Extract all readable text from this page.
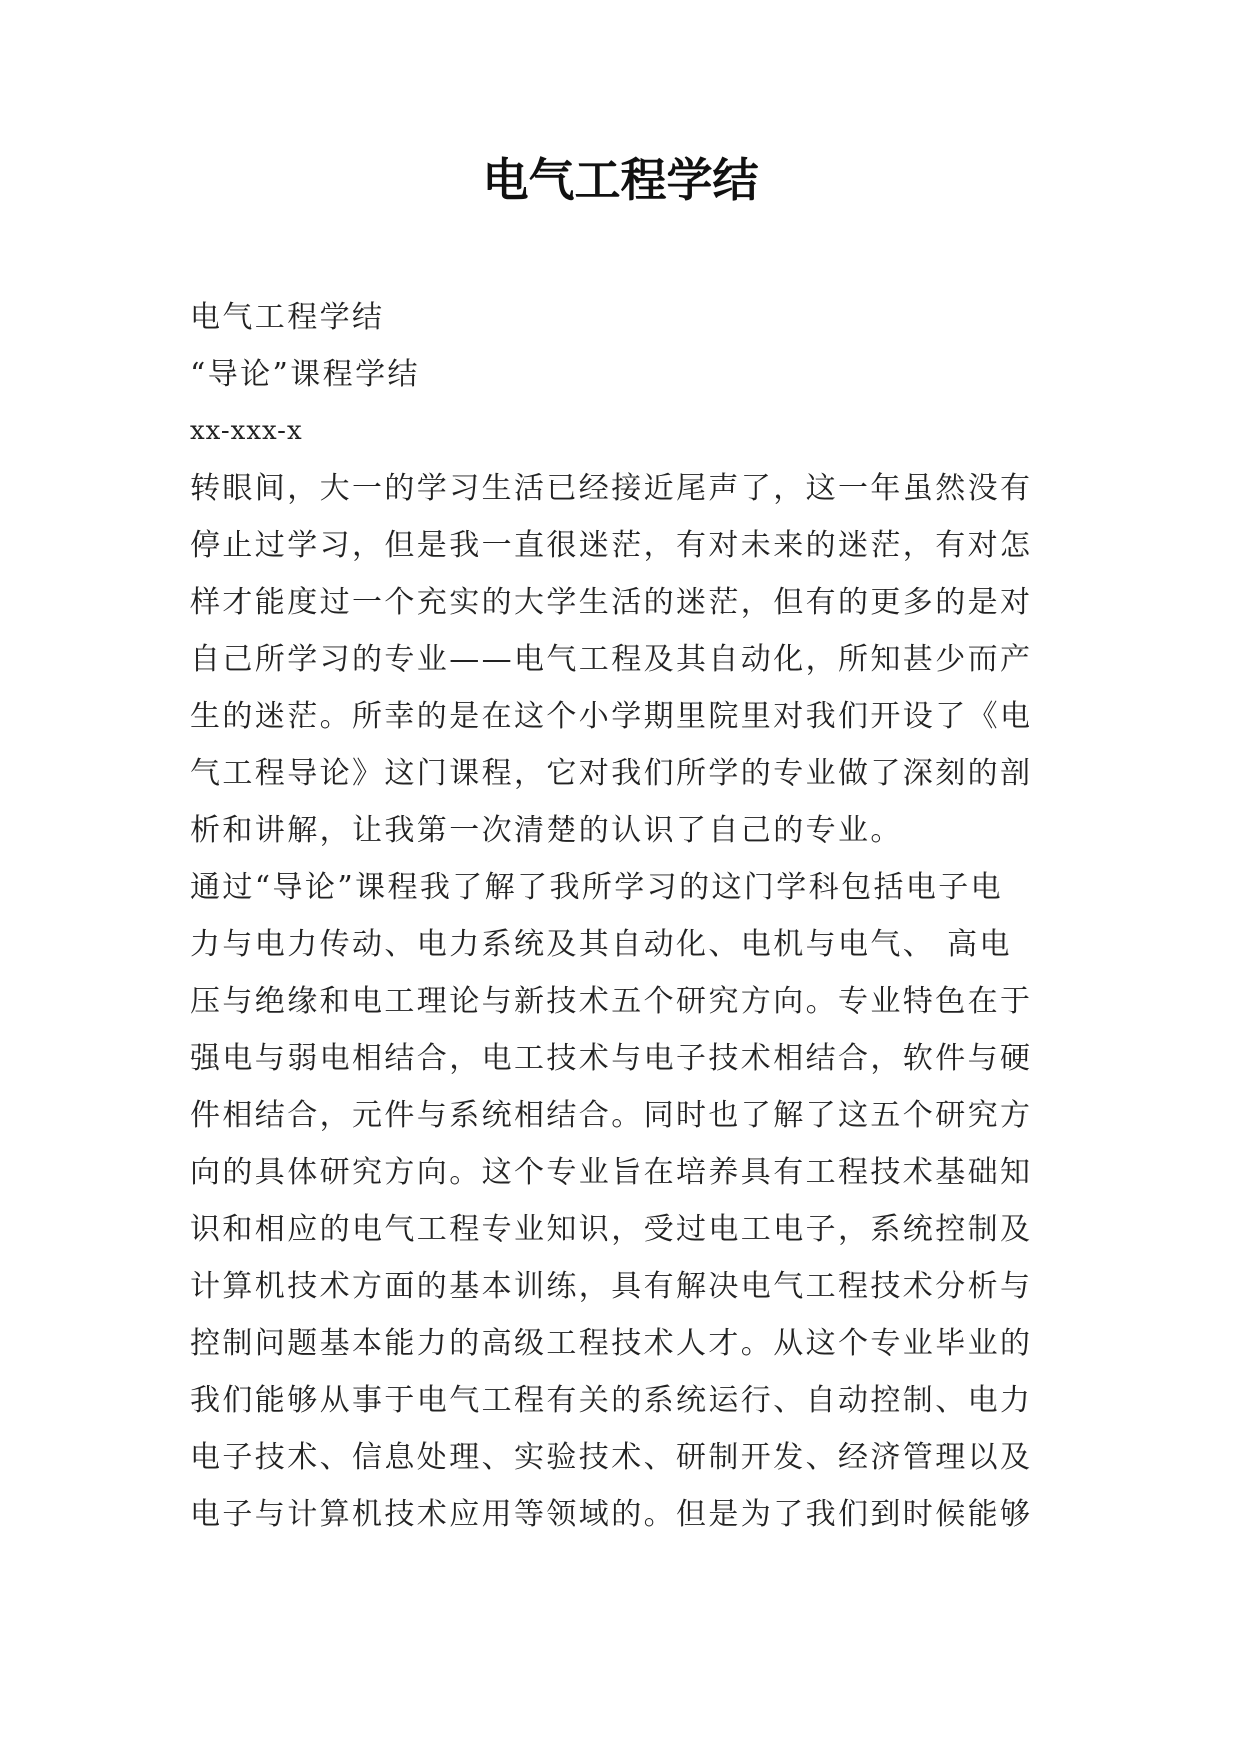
电气工程学结

电气工程学结

“导论”课程学结

xx-xxx-x

转眼间，大一的学习生活已经接近尾声了，这一年虽然没有

停止过学习，但是我一直很迷茫，有对未来的迷茫，有对怎

样才能度过一个充实的大学生活的迷茫，但有的更多的是对

自己所学习的专业——电气工程及其自动化，所知甚少而产

生的迷茫。所幸的是在这个小学期里院里对我们开设了《电

气工程导论》这门课程，它对我们所学的专业做了深刻的剖

析和讲解，让我第一次清楚的认识了自己的专业。

通过“导论”课程我了解了我所学习的这门学科包括电子电

力与电力传动、电力系统及其自动化、电机与电气、 高电

压与绝缘和电工理论与新技术五个研究方向。专业特色在于

强电与弱电相结合，电工技术与电子技术相结合，软件与硬

件相结合，元件与系统相结合。同时也了解了这五个研究方

向的具体研究方向。这个专业旨在培养具有工程技术基础知

识和相应的电气工程专业知识，受过电工电子，系统控制及

计算机技术方面的基本训练，具有解决电气工程技术分析与

控制问题基本能力的高级工程技术人才。从这个专业毕业的

我们能够从事于电气工程有关的系统运行、自动控制、电力

电子技术、信息处理、实验技术、研制开发、经济管理以及

电子与计算机技术应用等领域的。但是为了我们到时候能够
